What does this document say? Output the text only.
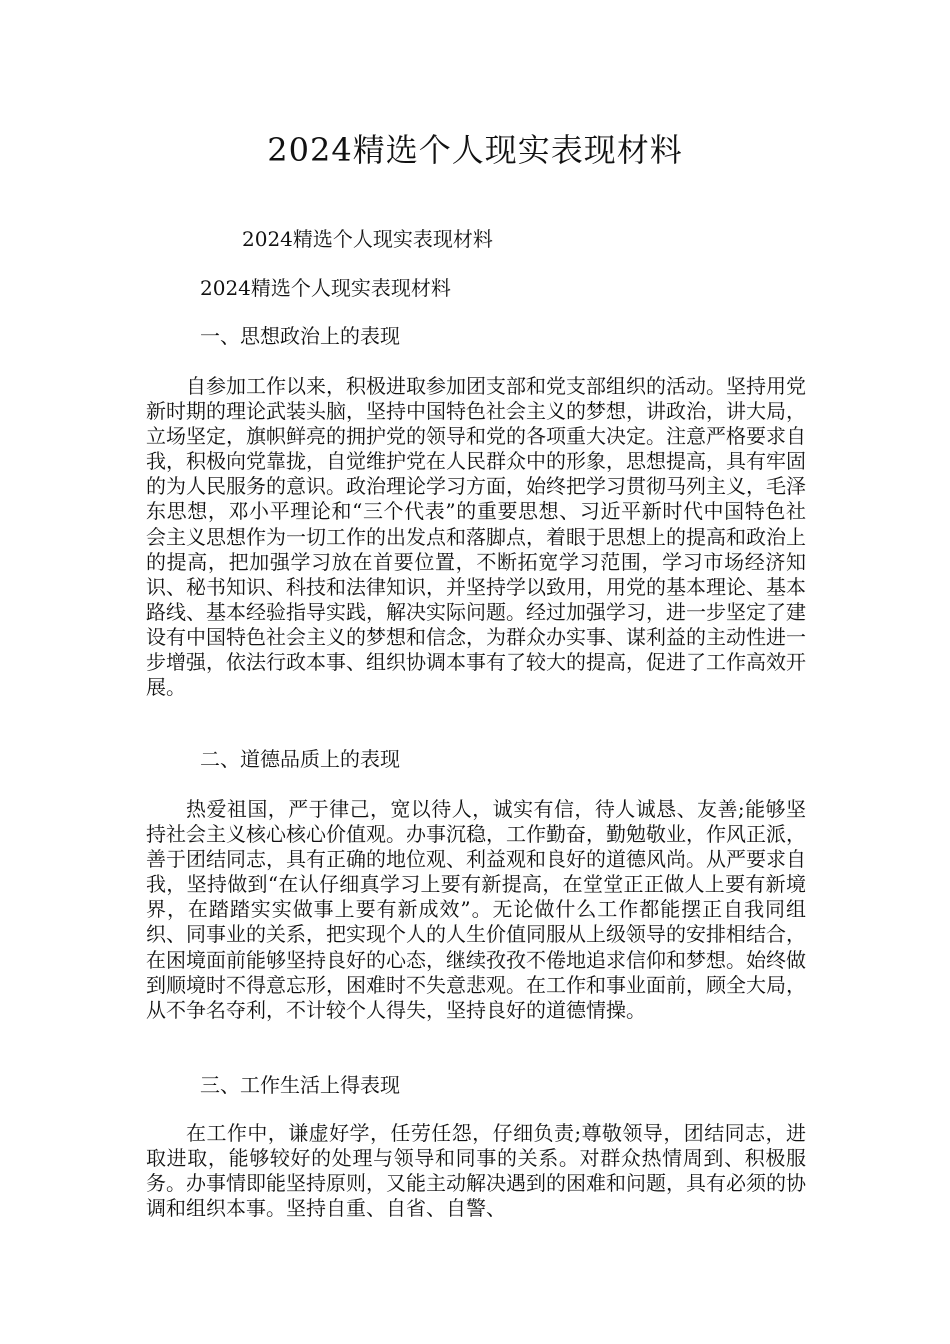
2024精选个人现实表现材料
2024精选个人现实表现材料
2024精选个人现实表现材料
一、思想政治上的表现

自参加工作以来，积极进取参加团支部和党支部组织的活动。坚持用党新时期的理论武装头脑，坚持中国特色社会主义的梦想，讲政治，讲大局，立场坚定，旗帜鲜亮的拥护党的领导和党的各项重大决定。注意严格要求自我，积极向党靠拢，自觉维护党在人民群众中的形象，思想提高，具有牢固的为人民服务的意识。政治理论学习方面，始终把学习贯彻马列主义，毛泽东思想，邓小平理论和“三个代表”的重要思想、习近平新时代中国特色社会主义思想作为一切工作的出发点和落脚点，着眼于思想上的提高和政治上的提高，把加强学习放在首要位置，不断拓宽学习范围，学习市场经济知识、秘书知识、科技和法律知识，并坚持学以致用，用党的基本理论、基本路线、基本经验指导实践，解决实际问题。经过加强学习，进一步坚定了建设有中国特色社会主义的梦想和信念，为群众办实事、谋利益的主动性进一步增强，依法行政本事、组织协调本事有了较大的提高，促进了工作高效开展。

二、道德品质上的表现

热爱祖国，严于律己，宽以待人，诚实有信，待人诚恳、友善;能够坚持社会主义核心核心价值观。办事沉稳，工作勤奋，勤勉敬业，作风正派，善于团结同志，具有正确的地位观、利益观和良好的道德风尚。从严要求自我，坚持做到“在认仔细真学习上要有新提高，在堂堂正正做人上要有新境界，在踏踏实实做事上要有新成效”。无论做什么工作都能摆正自我同组织、同事业的关系，把实现个人的人生价值同服从上级领导的安排相结合，在困境面前能够坚持良好的心态，继续孜孜不倦地追求信仰和梦想。始终做到顺境时不得意忘形，困难时不失意悲观。在工作和事业面前，顾全大局，从不争名夺利，不计较个人得失，坚持良好的道德情操。

三、工作生活上得表现

在工作中，谦虚好学，任劳任怨，仔细负责;尊敬领导，团结同志，进取进取，能够较好的处理与领导和同事的关系。对群众热情周到、积极服务。办事情即能坚持原则，又能主动解决遇到的困难和问题，具有必须的协调和组织本事。坚持自重、自省、自警、
